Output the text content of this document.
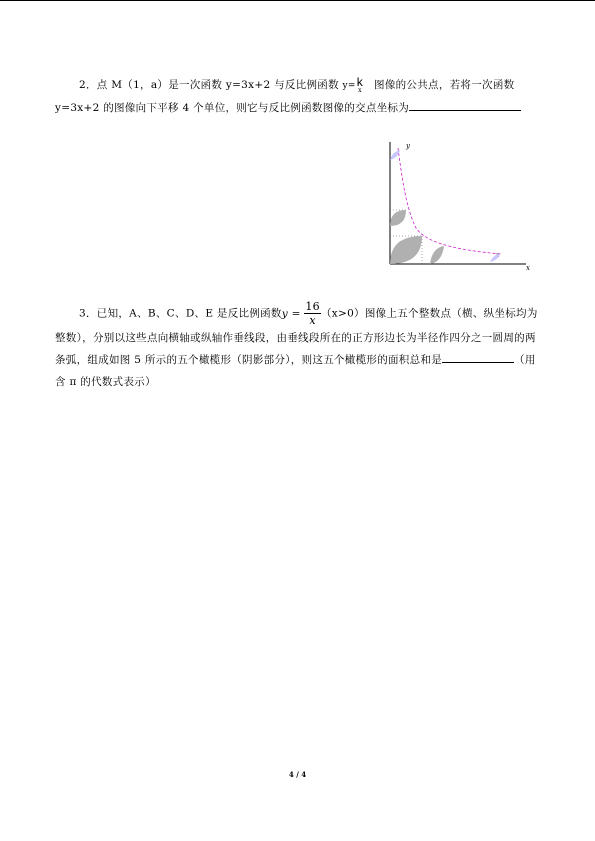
2．点 M（1，a）是一次函数 y=3x+2 与反比例函数 y=k
x 图像的公共点，若将一次函数 y=3x+2 的图像向下平移 4 个单位，则它与反比例函数图像的交点坐标为
y
x
3．已知，A、B、C、D、E 是反比例函数$y = \frac{16}{x} (x>0)$图像上五个整数点（横、纵坐标均为整数），分别以这些点向横轴或纵轴作垂线段，由垂线段所在的正方形边长为半径作四分之一圆周的两条弧，组成如图 5 所示的五个橄榄形（阴影部分），则这五个橄榄形的面积总和是	（用含 π 的代数式表示）
4 / 4
